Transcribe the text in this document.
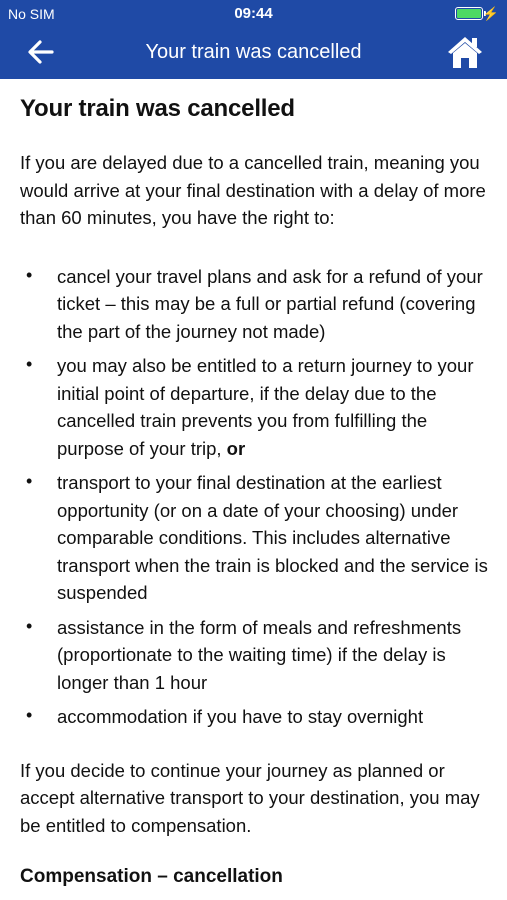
No SIM	09:44	⚡
Your train was cancelled
Your train was cancelled

If you are delayed due to a cancelled train, meaning you would arrive at your final destination with a delay of more than 60 minutes, you have the right to:

• cancel your travel plans and ask for a refund of your ticket – this may be a full or partial refund (covering the part of the journey not made)
• you may also be entitled to a return journey to your initial point of departure, if the delay due to the cancelled train prevents you from fulfilling the purpose of your trip, or
• transport to your final destination at the earliest opportunity (or on a date of your choosing) under comparable conditions. This includes alternative transport when the train is blocked and the service is suspended
• assistance in the form of meals and refreshments (proportionate to the waiting time) if the delay is longer than 1 hour
• accommodation if you have to stay overnight

If you decide to continue your journey as planned or accept alternative transport to your destination, you may be entitled to compensation.

Compensation – cancellation
